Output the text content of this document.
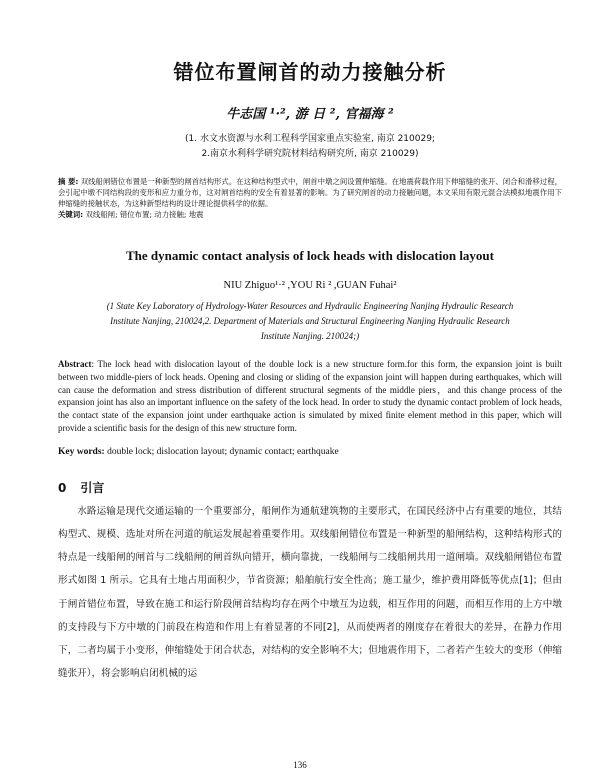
错位布置闸首的动力接触分析
牛志国 ¹·², 游 日 ², 官福海 ²
(1. 水文水资源与水利工程科学国家重点实验室, 南京 210029;
2.南京水利科学研究院材料结构研究所, 南京 210029)
摘 要: 双线船闸错位布置是一种新型的闸首结构形式。在这种结构型式中，闸首中墩之间设置伸缩缝。在地震荷载作用下伸缩缝的张开、闭合和滑移过程，会引起中墩不同结构段的变形和应力重分布，这对闸首结构的安全有着显著的影响。为了研究闸首的动力接触问题，本文采用有限元混合法模拟地震作用下伸缩缝的接触状态，为这种新型结构的设计理论提供科学的依据。
关键词: 双线船闸; 错位布置; 动力接触; 地震
The dynamic contact analysis of lock heads with dislocation layout
NIU Zhiguo¹·² ,YOU Ri ² ,GUAN Fuhai²
(1 State Key Laboratory of Hydrology-Water Resources and Hydraulic Engineering Nanjing Hydraulic Research
Institute Nanjing, 210024,2. Department of Materials and Structural Engineering Nanjing Hydraulic Research
Institute Nanjing. 210024;)
Abstract: The lock head with dislocation layout of the double lock is a new structure form.for this form, the expansion joint is built between two middle-piers of lock heads. Opening and closing or sliding of the expansion joint will happen during earthquakes, which will can cause the deformation and stress distribution of different structural segments of the middle piers，and this change process of the expansion joint has also an important influence on the safety of the lock head. In order to study the dynamic contact problem of lock heads, the contact state of the expansion joint under earthquake action is simulated by mixed finite element method in this paper, which will provide a scientific basis for the design of this new structure form.
Key words: double lock; dislocation layout; dynamic contact; earthquake
0 引言

水路运输是现代交通运输的一个重要部分，船闸作为通航建筑物的主要形式，在国民经济中占有重要的地位，其结构型式、规模、选址对所在河道的航运发展起着重要作用。双线船闸错位布置是一种新型的船闸结构，这种结构形式的特点是一线船闸的闸首与二线船闸的闸首纵向错开，横向靠拢，一线船闸与二线船闸共用一道闸墙。双线船闸错位布置形式如图 1 所示。它具有土地占用面积少，节省资源；船舶航行安全性高；施工量少，维护费用降低等优点[1]；但由于闸首错位布置，导致在施工和运行阶段闸首结构均存在两个中墩互为边载，相互作用的问题，而相互作用的上方中墩的支持段与下方中墩的门前段在构造和作用上有着显著的不同[2]，从而使两者的刚度存在着很大的差异，在静力作用下，二者均属于小变形，伸缩缝处于闭合状态，对结构的安全影响不大；但地震作用下，二者若产生较大的变形（伸缩缝张开），将会影响启闭机械的运

136
